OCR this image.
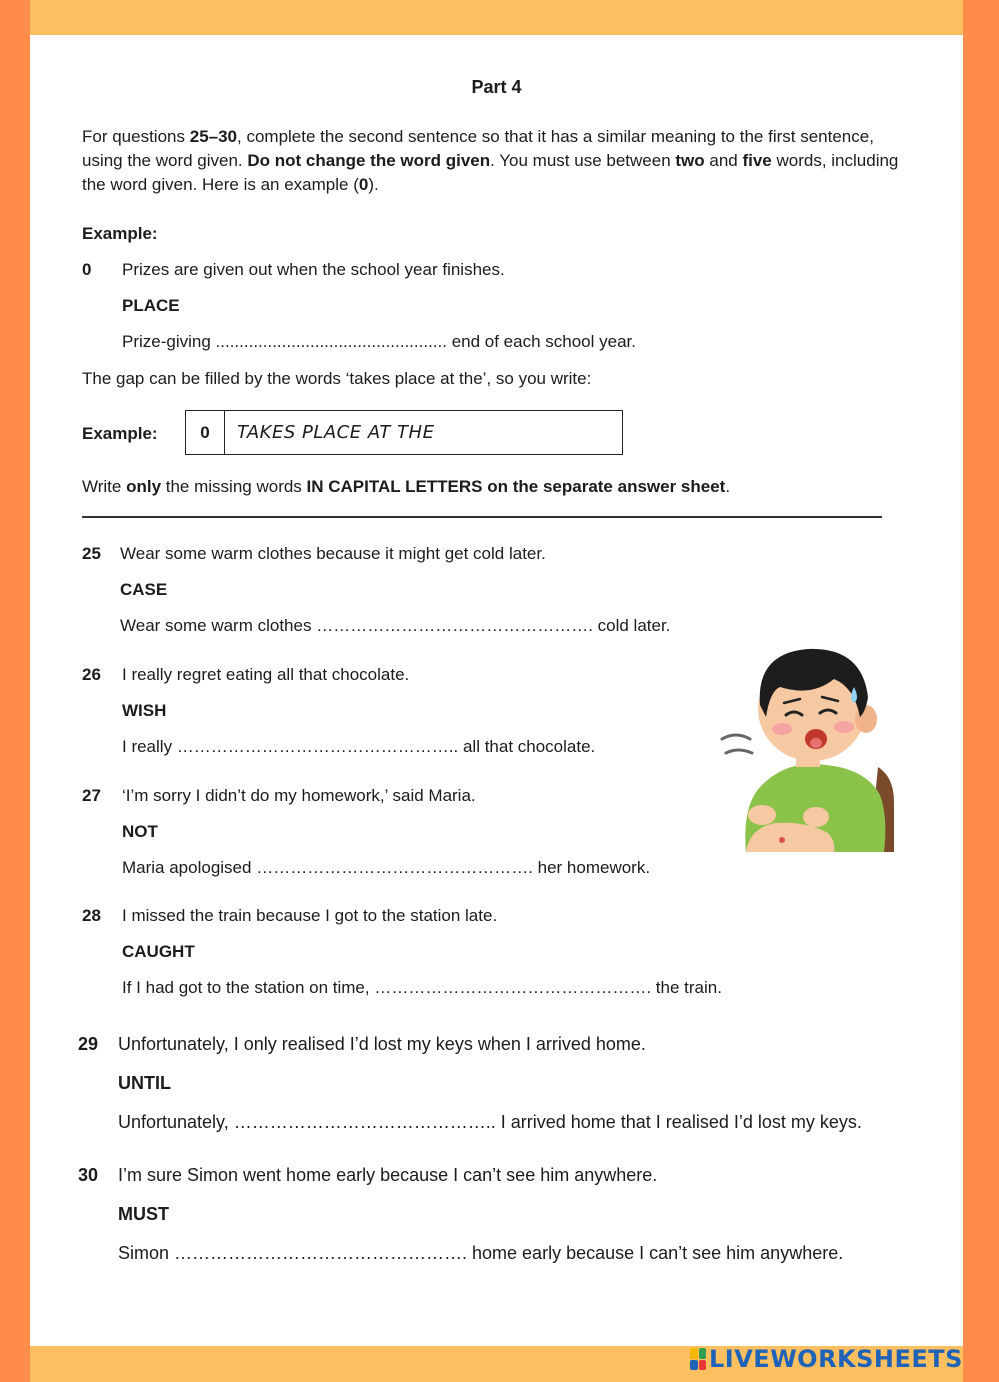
Part 4
For questions 25–30, complete the second sentence so that it has a similar meaning to the first sentence, using the word given. Do not change the word given. You must use between two and five words, including the word given. Here is an example (0).
Example:
0 Prizes are given out when the school year finishes.
PLACE
Prize-giving ................................................. end of each school year.
The gap can be filled by the words ‘takes place at the’, so you write:
Example:	0	TAKES PLACE AT THE
Write only the missing words IN CAPITAL LETTERS on the separate answer sheet.
25 Wear some warm clothes because it might get cold later.
CASE
Wear some warm clothes …………………………………………. cold later.
26 I really regret eating all that chocolate.
WISH
I really ………………………………………….. all that chocolate.
27 ‘I’m sorry I didn’t do my homework,’ said Maria.
NOT
Maria apologised …………………………………………. her homework.
28 I missed the train because I got to the station late.
CAUGHT
If I had got to the station on time, …………………………………………. the train.
29 Unfortunately, I only realised I’d lost my keys when I arrived home.
UNTIL
Unfortunately, …………………………………….. I arrived home that I realised I’d lost my keys.
30 I’m sure Simon went home early because I can’t see him anywhere.
MUST
Simon …………………………………………. home early because I can’t see him anywhere.
LIVEWORKSHEETS
